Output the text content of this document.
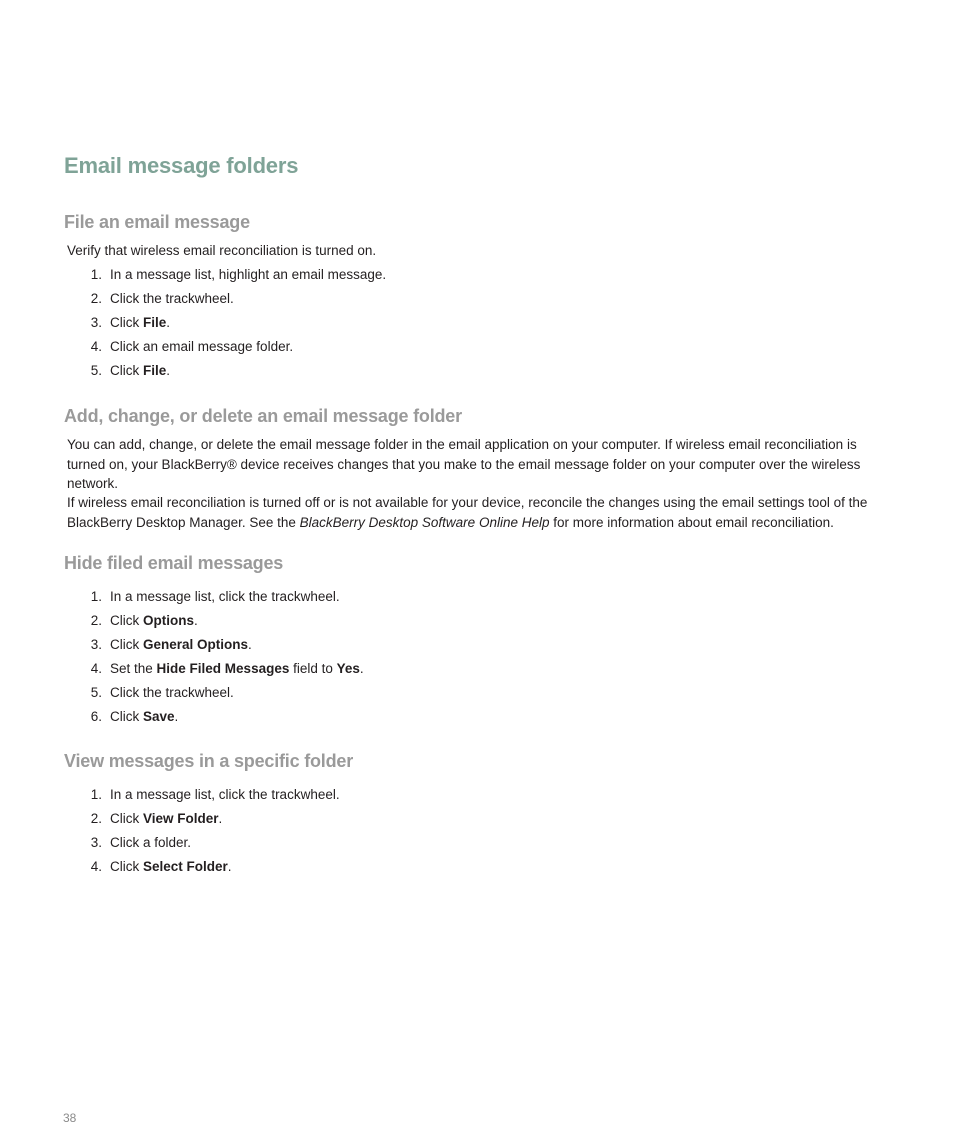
Email message folders
File an email message

Verify that wireless email reconciliation is turned on.

1. In a message list, highlight an email message.
2. Click the trackwheel.
3. Click File.
4. Click an email message folder.
5. Click File.
Add, change, or delete an email message folder

You can add, change, or delete the email message folder in the email application on your computer. If wireless email reconciliation is turned on, your BlackBerry® device receives changes that you make to the email message folder on your computer over the wireless network.

If wireless email reconciliation is turned off or is not available for your device, reconcile the changes using the email settings tool of the BlackBerry Desktop Manager. See the BlackBerry Desktop Software Online Help for more information about email reconciliation.

Hide filed email messages
1. In a message list, click the trackwheel.
2. Click Options.
3. Click General Options.
4. Set the Hide Filed Messages field to Yes.
5. Click the trackwheel.
6. Click Save.
View messages in a specific folder
1. In a message list, click the trackwheel.
2. Click View Folder.
3. Click a folder.
4. Click Select Folder.

38
